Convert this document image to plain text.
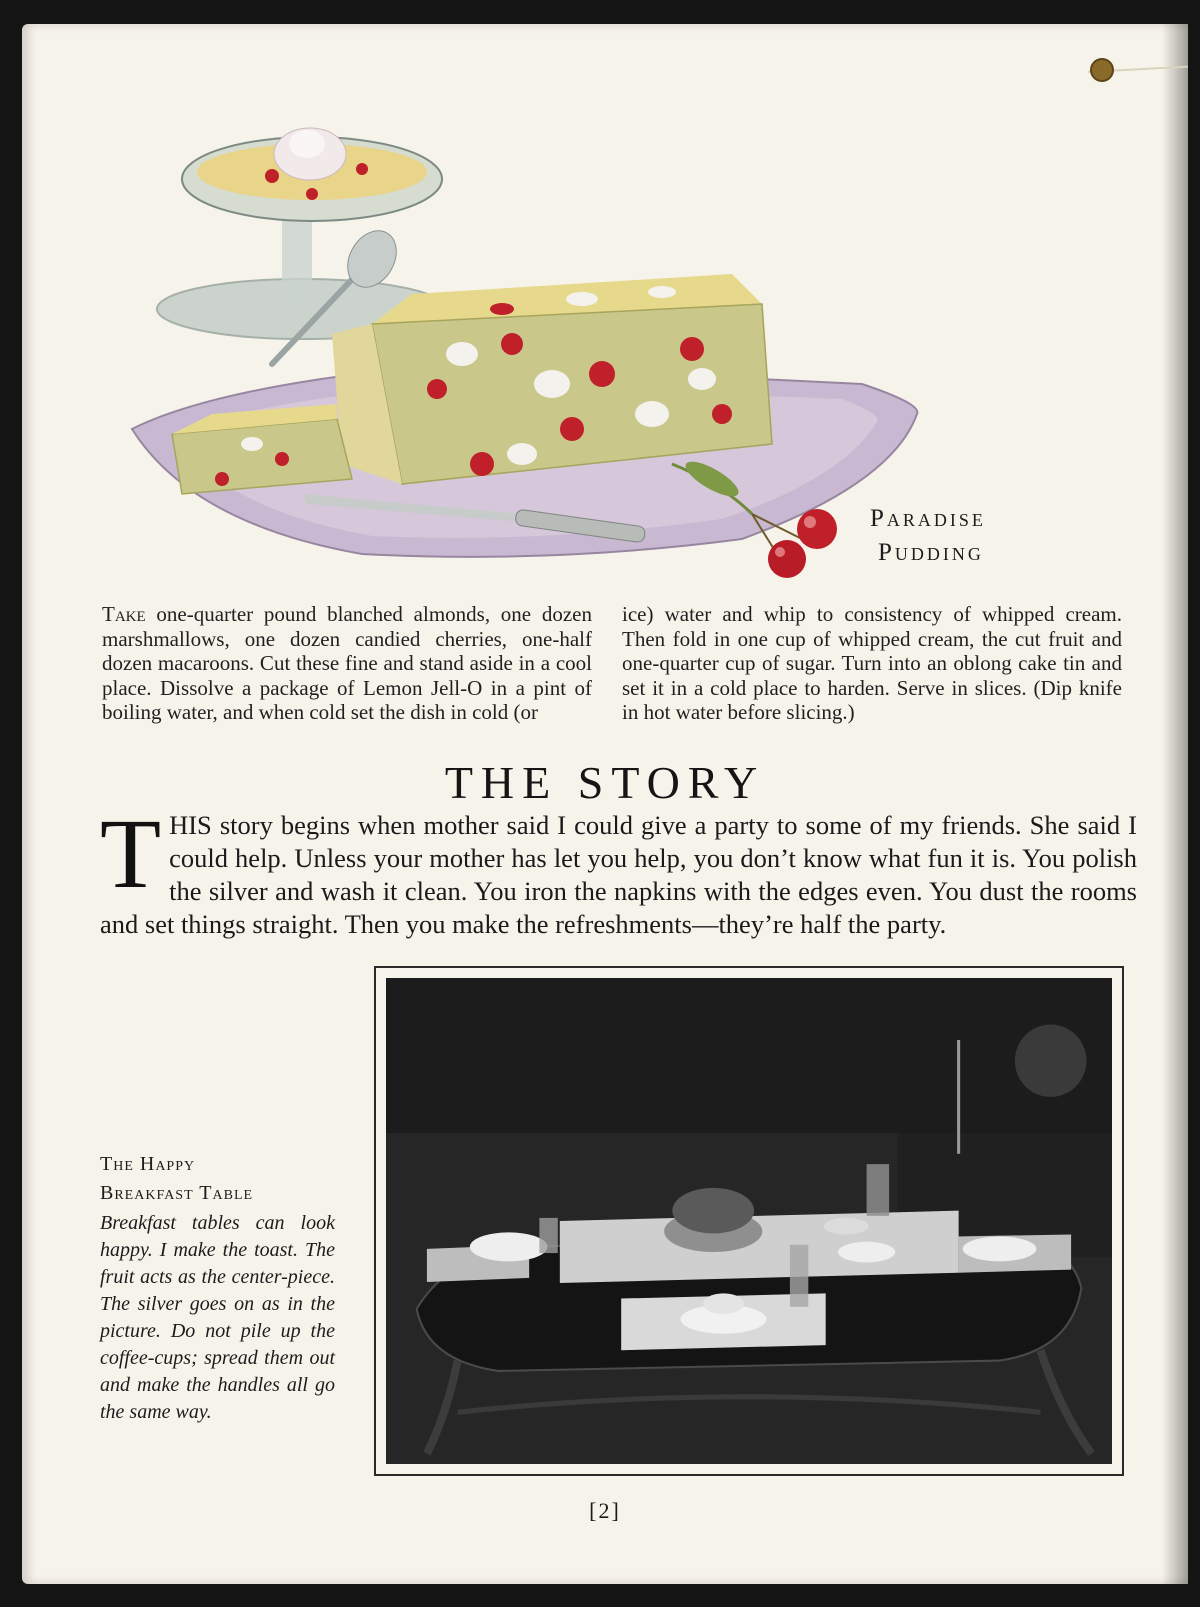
Paradise
Pudding
Take one-quarter pound blanched almonds, one dozen marshmallows, one dozen candied cherries, one-half dozen macaroons. Cut these fine and stand aside in a cool place. Dissolve a package of Lemon Jell-O in a pint of boiling water, and when cold set the dish in cold (or
ice) water and whip to consistency of whipped cream. Then fold in one cup of whipped cream, the cut fruit and one-quarter cup of sugar. Turn into an oblong cake tin and set it in a cold place to harden. Serve in slices. (Dip knife in hot water before slicing.)
THE STORY
THIS story begins when mother said I could give a party to some of my friends. She said I could help. Unless your mother has let you help, you don’t know what fun it is. You polish the silver and wash it clean. You iron the napkins with the edges even. You dust the rooms and set things straight. Then you make the refreshments—they’re half the party.
The Happy
Breakfast Table
Breakfast tables can look happy. I make the toast. The fruit acts as the center-piece. The silver goes on as in the picture. Do not pile up the coffee-cups; spread them out and make the handles all go the same way.
[2]
